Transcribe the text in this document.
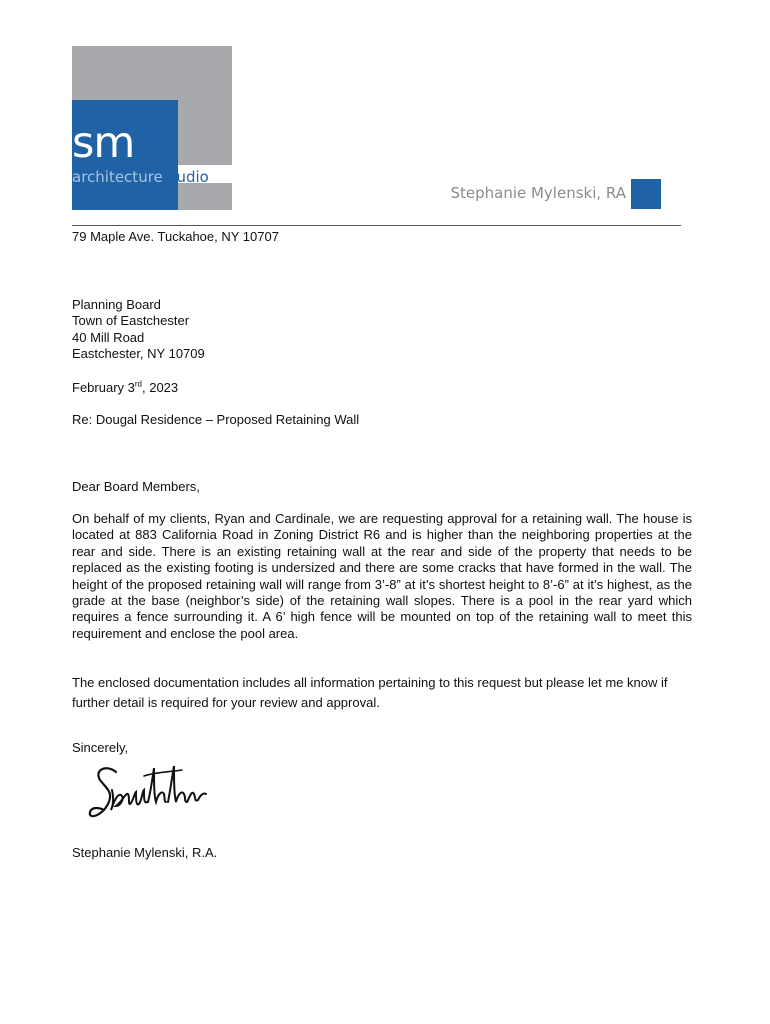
sm
architecturestudio
Stephanie Mylenski, RA
79 Maple Ave. Tuckahoe, NY 10707
Planning Board
Town of Eastchester
40 Mill Road
Eastchester, NY 10709
February 3rd, 2023
Re: Dougal Residence – Proposed Retaining Wall
Dear Board Members,
On behalf of my clients, Ryan and Cardinale, we are requesting approval for a retaining wall. The house is located at 883 California Road in Zoning District R6 and is higher than the neighboring properties at the rear and side. There is an existing retaining wall at the rear and side of the property that needs to be replaced as the existing footing is undersized and there are some cracks that have formed in the wall. The height of the proposed retaining wall will range from 3’-8” at it’s shortest height to 8’-6” at it’s highest, as the grade at the base (neighbor’s side) of the retaining wall slopes. There is a pool in the rear yard which requires a fence surrounding it. A 6’ high fence will be mounted on top of the retaining wall to meet this requirement and enclose the pool area.
The enclosed documentation includes all information pertaining to this request but please let me know if further detail is required for your review and approval.
Sincerely,
Stephanie Mylenski, R.A.
